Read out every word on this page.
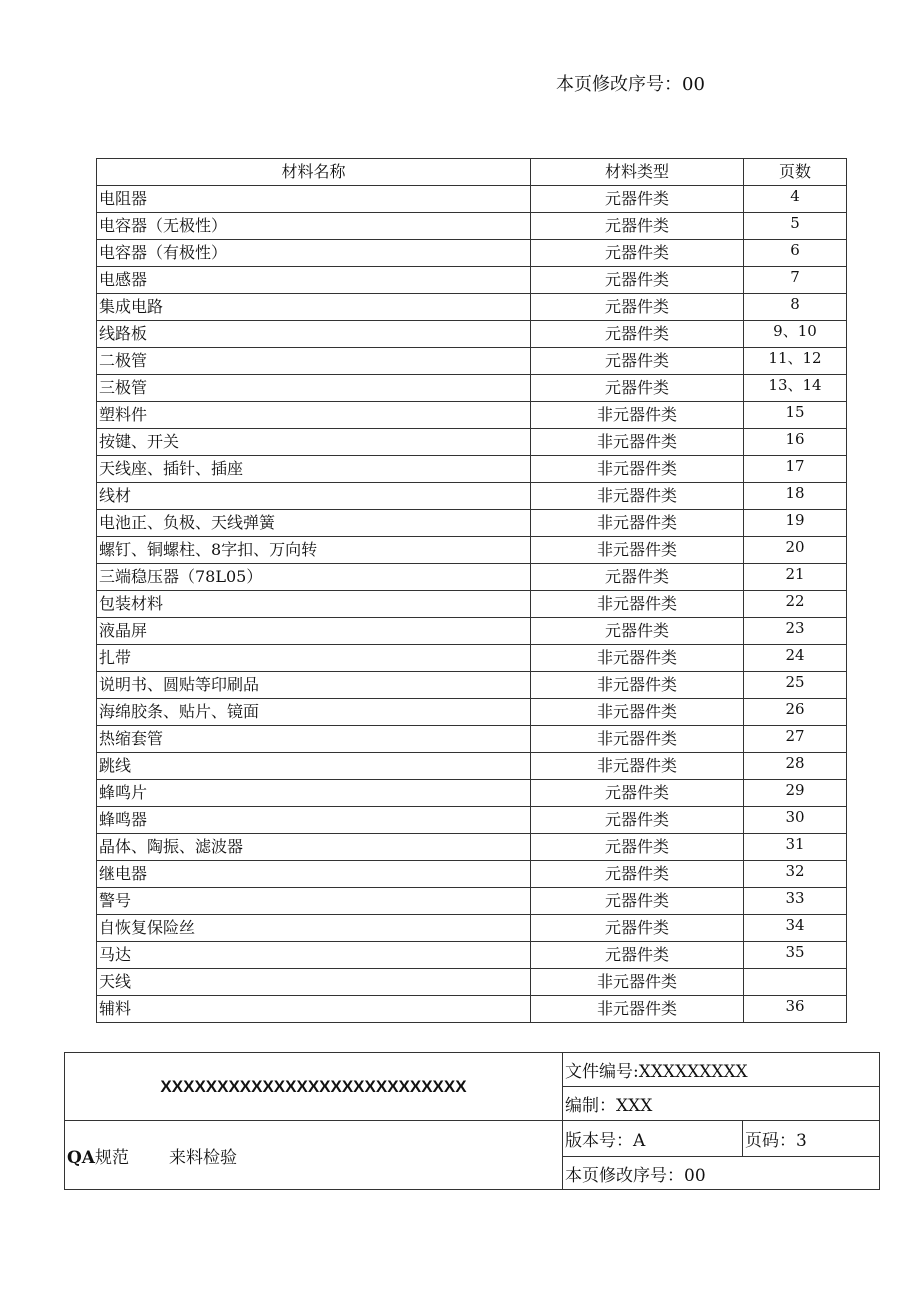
本页修改序号：00
材料名称	材料类型	页数
电阻器	元器件类	4
电容器（无极性）	元器件类	5
电容器（有极性）	元器件类	6
电感器	元器件类	7
集成电路	元器件类	8
线路板	元器件类	9、10
二极管	元器件类	11、12
三极管	元器件类	13、14
塑料件	非元器件类	15
按键、开关	非元器件类	16
天线座、插针、插座	非元器件类	17
线材	非元器件类	18
电池正、负极、天线弹簧	非元器件类	19
螺钉、铜螺柱、8字扣、万向转	非元器件类	20
三端稳压器（78L05）	元器件类	21
包装材料	非元器件类	22
液晶屏	元器件类	23
扎带	非元器件类	24
说明书、圆贴等印刷品	非元器件类	25
海绵胶条、贴片、镜面	非元器件类	26
热缩套管	非元器件类	27
跳线	非元器件类	28
蜂鸣片	元器件类	29
蜂鸣器	元器件类	30
晶体、陶振、滤波器	元器件类	31
继电器	元器件类	32
警号	元器件类	33
自恢复保险丝	元器件类	34
马达	元器件类	35
天线	非元器件类	
辅料	非元器件类	36
XXXXXXXXXXXXXXXXXXXXXXXXXXX	文件编号:XXXXXXXXX	
	编制：XXX	
QA规范 来料检验	版本号：A	页码：3
	本页修改序号：00	
